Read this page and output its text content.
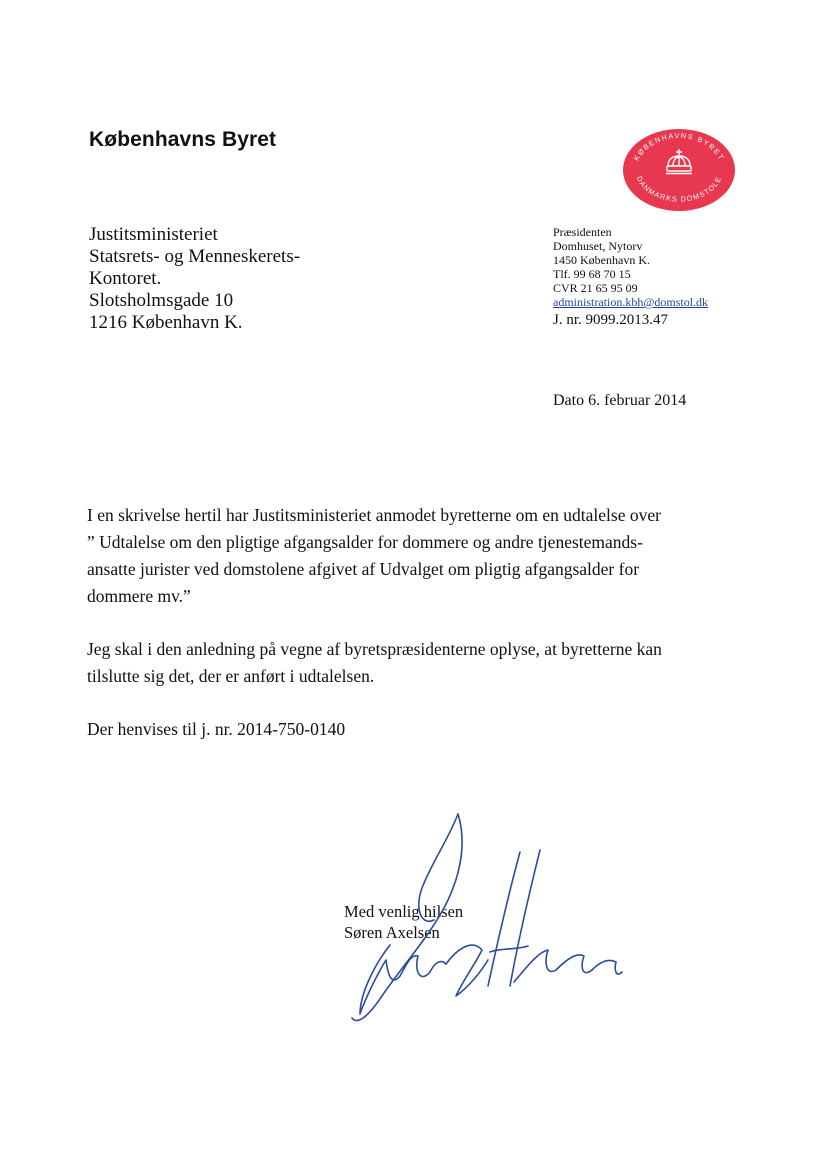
Københavns Byret
KØBENHAVNS BYRET
DANMARKS DOMSTOLE
Justitsministeriet
Statsrets- og Menneskerets-
Kontoret.
Slotsholmsgade 10
1216 København K.
Præsidenten
Domhuset, Nytorv
1450 København K.
Tlf. 99 68 70 15
CVR 21 65 95 09
administration.kbh@domstol.dk
J. nr. 9099.2013.47
Dato 6. februar 2014

I en skrivelse hertil har Justitsministeriet anmodet byretterne om en udtalelse over
” Udtalelse om den pligtige afgangsalder for dommere og andre tjenestemands-
ansatte jurister ved domstolene afgivet af Udvalget om pligtig afgangsalder for
dommere mv.”

Jeg skal i den anledning på vegne af byretspræsidenterne oplyse, at byretterne kan
tilslutte sig det, der er anført i udtalelsen.

Der henvises til j. nr. 2014-750-0140

Med venlig hilsen
Søren Axelsen
